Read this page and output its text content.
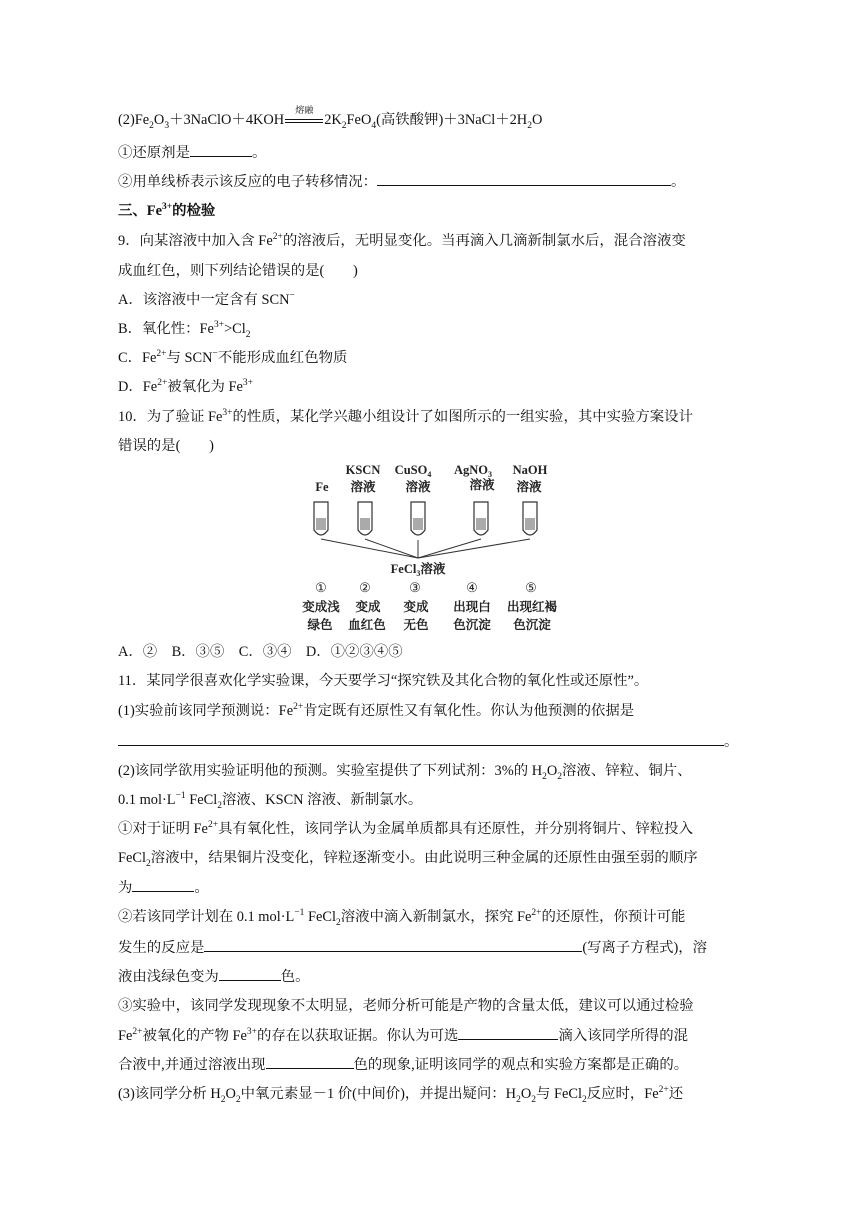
$(2)Fe_2O_3+3NaClO+4KOH$
熔融
$2K_2FeO_4$(高铁酸钾)$+3NaCl+2H_2O$
①还原剂是	。
②用单线桥表示该反应的电子转移情况：	。
三、$Fe^{3+}$的检验
9．向某溶液中加入含 $Fe^{2+}$的溶液后，无明显变化。当再滴入几滴新制氯水后，混合溶液变
成血红色，则下列结论错误的是(　　)
A．该溶液中一定含有 SCN−
B．氧化性：$Fe^{3+}>Cl_2$
C．$Fe^{2+}$与 SCN−不能形成血红色物质
D．$Fe^{2+}$被氧化为 $Fe^{3+}$
10．为了验证 $Fe^{3+}$的性质，某化学兴趣小组设计了如图所示的一组实验，其中实验方案设计
错误的是(　　)
KSCN CuSO$_4$ AgNO$_3$ NaOH
Fe 溶液 溶液	溶液 溶液
FeCl$_3$溶液
① ②	③	④	⑤
变成浅 变成 变成 出现白 出现红褐
绿色 血红色 无色 色沉淀 色沉淀
A．②　B．③⑤　C．③④　D．①②③④⑤
11．某同学很喜欢化学实验课，今天要学习“探究铁及其化合物的氧化性或还原性”。
(1)实验前该同学预测说：$Fe^{2+}$肯定既有还原性又有氧化性。你认为他预测的依据是
。
(2)该同学欲用实验证明他的预测。实验室提供了下列试剂：3%的 $H_2O_2$溶液、锌粒、铜片、
0.1 $mol\cdot L^{-1}$ FeCl$_2$溶液、KSCN 溶液、新制氯水。
①对于证明 $Fe^{2+}$具有氧化性，该同学认为金属单质都具有还原性，并分别将铜片、锌粒投入
FeCl$_2$溶液中，结果铜片没变化，锌粒逐渐变小。由此说明三种金属的还原性由强至弱的顺序
为	。
②若该同学计划在 0.1 $mol\cdot L^{-1}$ FeCl$_2$溶液中滴入新制氯水，探究 $Fe^{2+}$的还原性，你预计可能
发生的反应是	(写离子方程式)，溶
液由浅绿色变为	色。
③实验中，该同学发现现象不太明显，老师分析可能是产物的含量太低，建议可以通过检验
$Fe^{2+}$被氧化的产物 $Fe^{3+}$的存在以获取证据。你认为可选	滴入该同学所得的混
合液中,并通过溶液出现	色的现象,证明该同学的观点和实验方案都是正确的。
(3)该同学分析 $H_2O_2$中氧元素显－1 价(中间价)，并提出疑问：$H_2O_2$与 FeCl$_2$反应时，$Fe^{2+}$还
